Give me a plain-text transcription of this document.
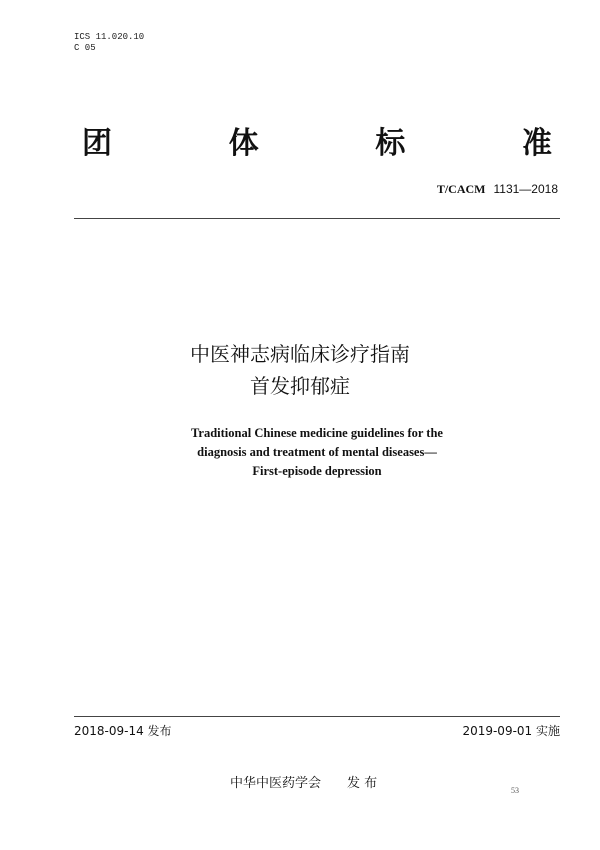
ICS 11.020.10
C 05
团	体	标	准
T/CACM 1131—2018
中医神志病临床诊疗指南
首发抑郁症
Traditional Chinese medicine guidelines for the
diagnosis and treatment of mental diseases—
First-episode depression
2018-09-14 发布	2019-09-01 实施
中华中医药学会 发 布	53
